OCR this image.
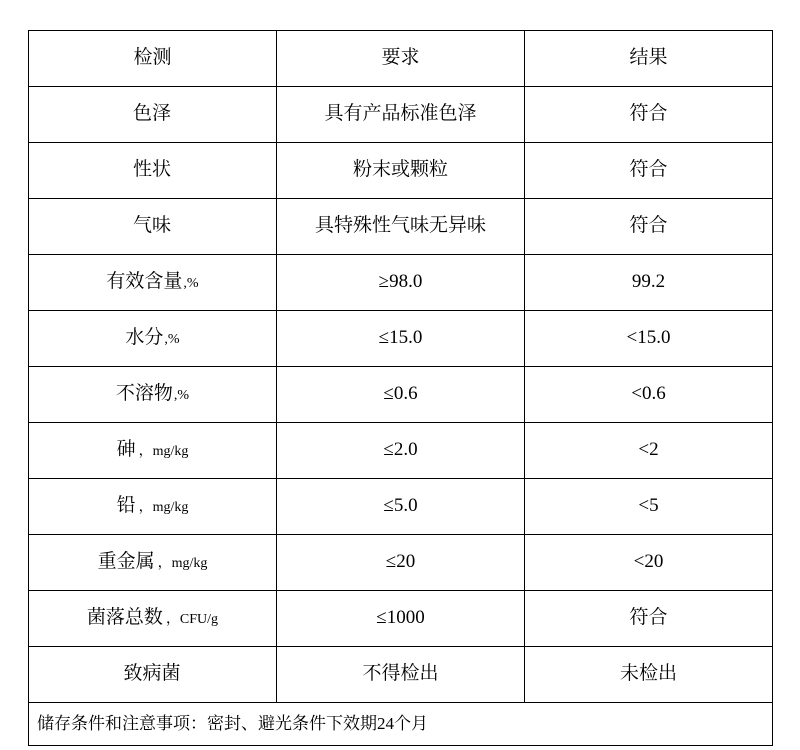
检测	要求	结果

色泽	具有产品标准色泽	符合

性状	粉末或颗粒	符合

气味	具特殊性气味无异味	符合

有效含量 ,%	≥98.0	99.2

水分 ,%	≤15.0	<15.0

不溶物 ,%	≤0.6	<0.6

砷 ，mg/kg	≤2.0	<2

铅 ，mg/kg	≤5.0	<5

重金属 ，mg/kg	≤20	<20

菌落总数 ，CFU/g	≤1000	符合

致病菌	不得检出	未检出
储存条件和注意事项：密封、避光条件下效期24个月		
